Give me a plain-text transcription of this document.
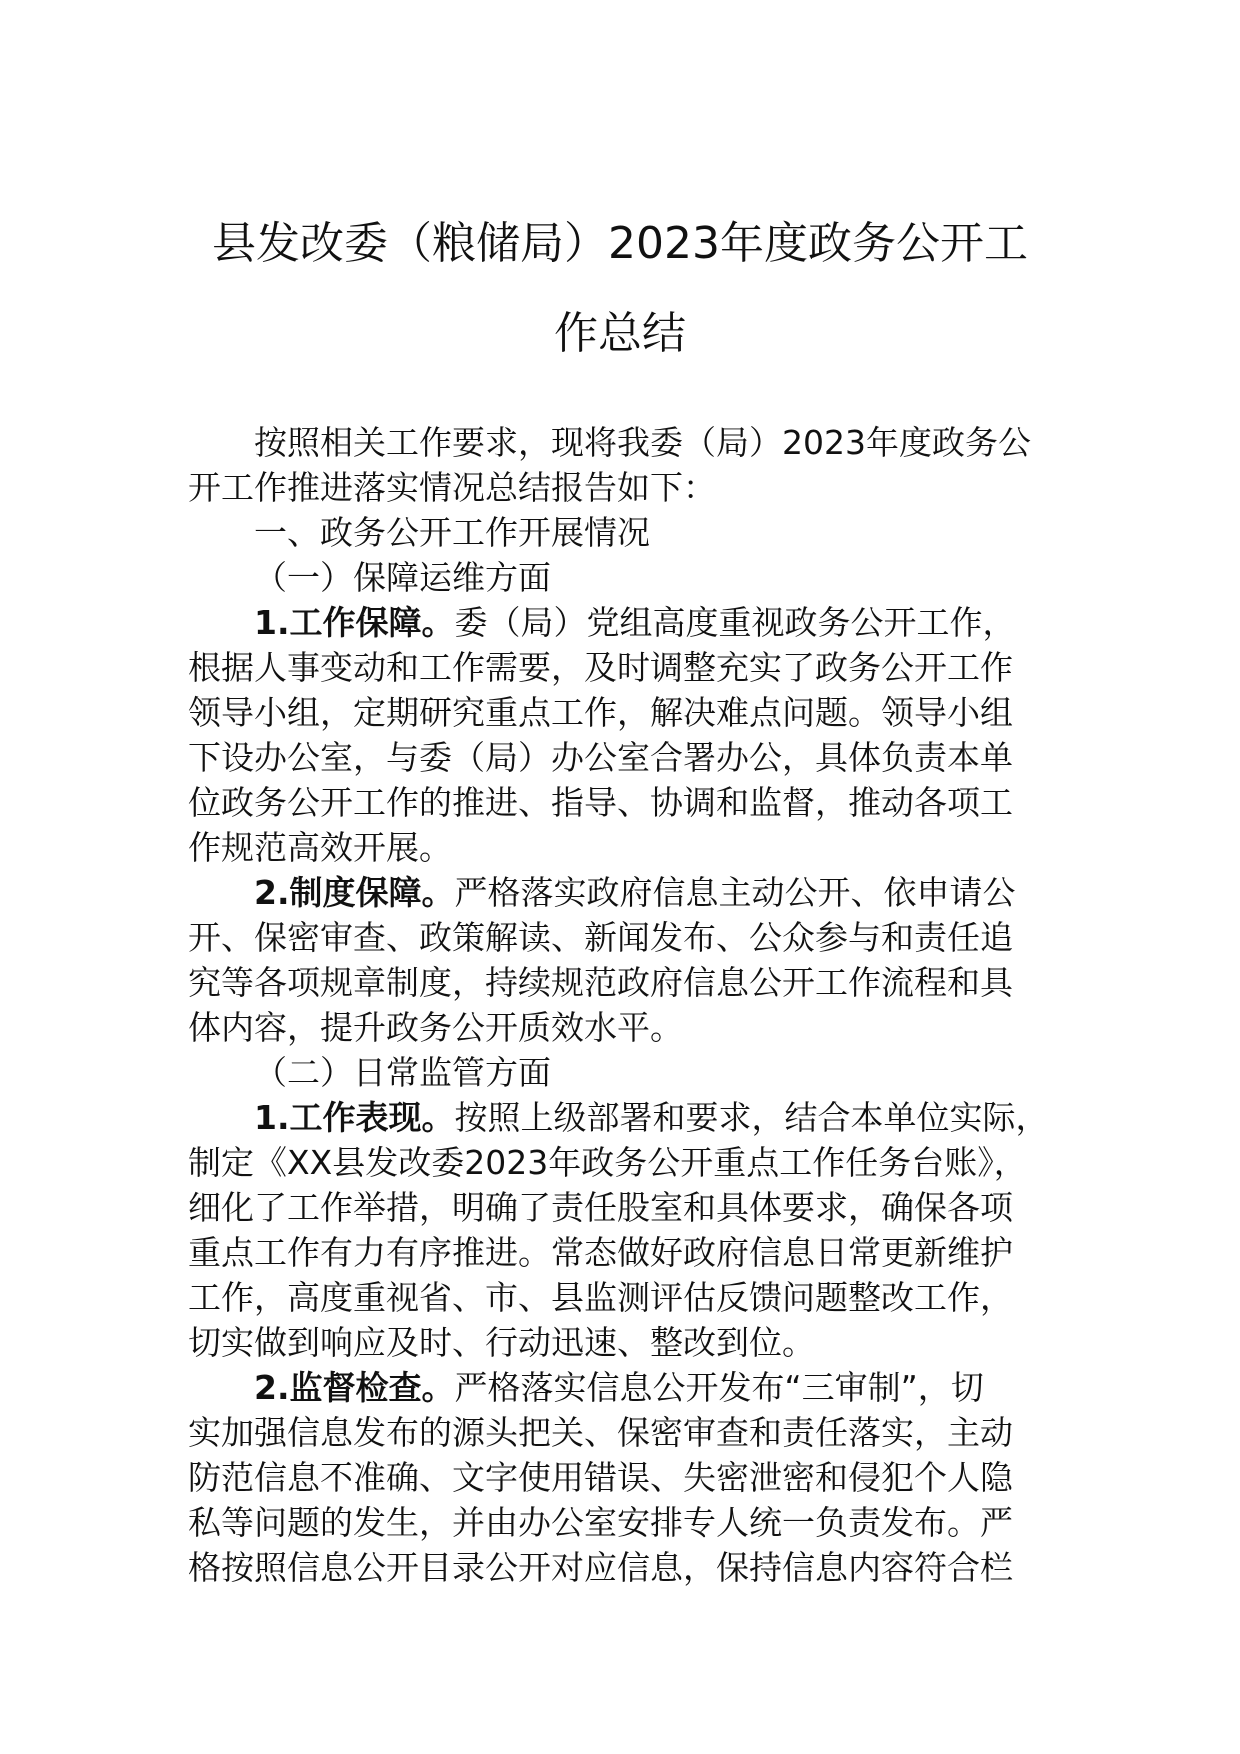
县发改委（粮储局）2023年度政务公开工
作总结
按照相关工作要求，现将我委（局）2023年度政务公
开工作推进落实情况总结报告如下：
一、政务公开工作开展情况
（一）保障运维方面
1.工作保障。委（局）党组高度重视政务公开工作，
根据人事变动和工作需要，及时调整充实了政务公开工作
领导小组，定期研究重点工作，解决难点问题。领导小组
下设办公室，与委（局）办公室合署办公，具体负责本单
位政务公开工作的推进、指导、协调和监督，推动各项工
作规范高效开展。
2.制度保障。严格落实政府信息主动公开、依申请公
开、保密审查、政策解读、新闻发布、公众参与和责任追
究等各项规章制度，持续规范政府信息公开工作流程和具
体内容，提升政务公开质效水平。
（二）日常监管方面
1.工作表现。按照上级部署和要求，结合本单位实际，
制定《XX县发改委2023年政务公开重点工作任务台账》，
细化了工作举措，明确了责任股室和具体要求，确保各项
重点工作有力有序推进。常态做好政府信息日常更新维护
工作，高度重视省、市、县监测评估反馈问题整改工作，
切实做到响应及时、行动迅速、整改到位。
2.监督检查。严格落实信息公开发布“三审制”，切
实加强信息发布的源头把关、保密审查和责任落实，主动
防范信息不准确、文字使用错误、失密泄密和侵犯个人隐
私等问题的发生，并由办公室安排专人统一负责发布。严
格按照信息公开目录公开对应信息，保持信息内容符合栏
